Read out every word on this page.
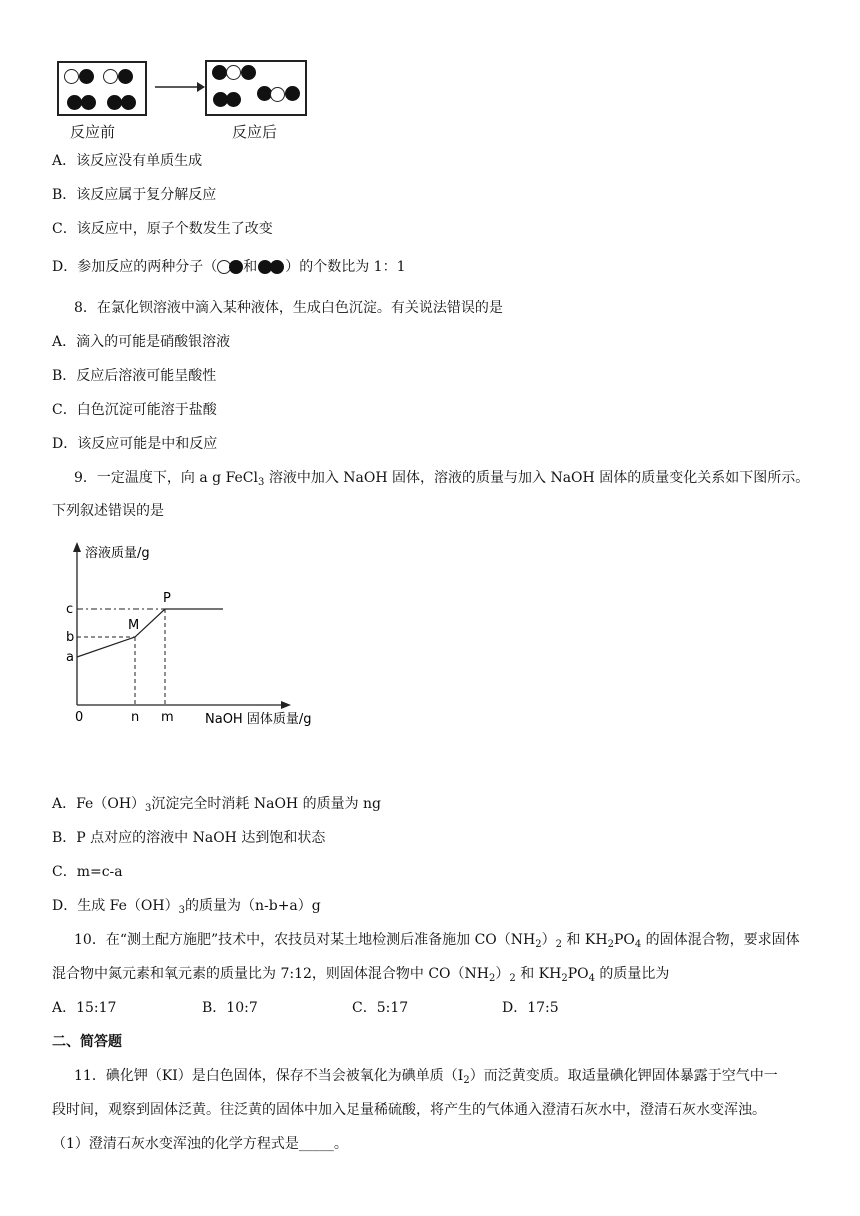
反应前	反应后
A．该反应没有单质生成
B．该反应属于复分解反应
C．该反应中，原子个数发生了改变
D．参加反应的两种分子（ 和 ）的个数比为 1：1
8．在氯化钡溶液中滴入某种液体，生成白色沉淀。有关说法错误的是
A．滴入的可能是硝酸银溶液
B．反应后溶液可能呈酸性
C．白色沉淀可能溶于盐酸
D．该反应可能是中和反应
9．一定温度下，向 a g FeCl$_3$ 溶液中加入 NaOH 固体，溶液的质量与加入 NaOH 固体的质量变化关系如下图所示。
下列叙述错误的是
溶液质量/g
NaOH 固体质量/g
0
c
b
a
n m
M
P
A．$Fe(OH)_3$沉淀完全时消耗 NaOH 的质量为 ng
B．P 点对应的溶液中 NaOH 达到饱和状态
C．m=c-a
D．生成 $Fe(OH)_3$的质量为（n-b+a）g
10．在“测土配方施肥”技术中，农技员对某土地检测后准备施加 $CO(NH_2)_2$ 和 $KH_2PO_4$ 的固体混合物，要求固体
混合物中氮元素和氧元素的质量比为 7:12，则固体混合物中 $CO(NH_2)_2$ 和 $KH_2PO_4$ 的质量比为
A．15:17	B．10:7	C．5:17	D．17:5
二、简答题
11．碘化钾（KI）是白色固体，保存不当会被氧化为碘单质$(I_2)$而泛黄变质。取适量碘化钾固体暴露于空气中一
段时间，观察到固体泛黄。往泛黄的固体中加入足量稀硫酸，将产生的气体通入澄清石灰水中，澄清石灰水变浑浊。
（1）澄清石灰水变浑浊的化学方程式是_____。
